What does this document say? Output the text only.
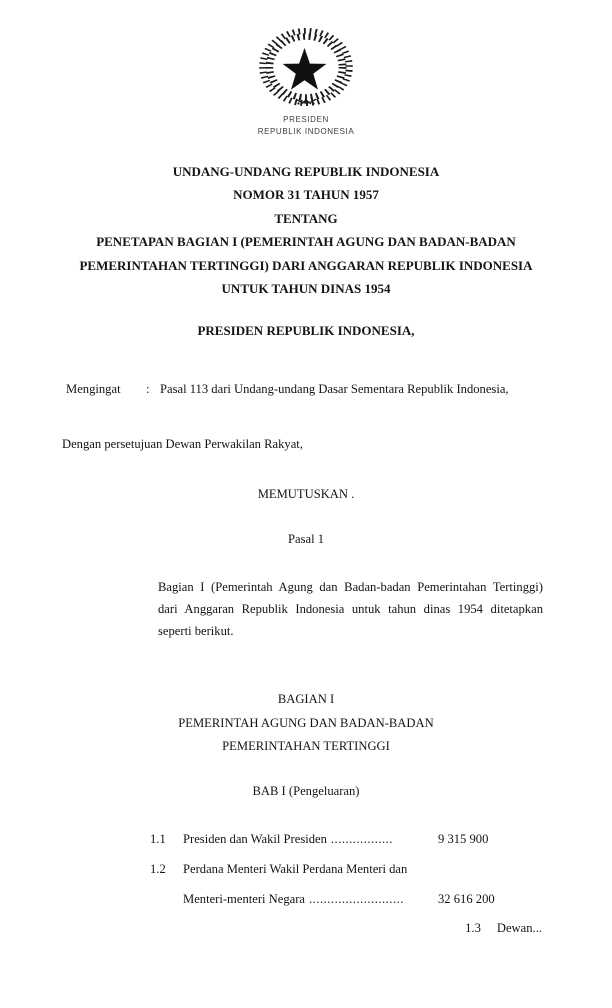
PRESIDEN
REPUBLIK INDONESIA
UNDANG-UNDANG REPUBLIK INDONESIA
NOMOR 31 TAHUN 1957
TENTANG
PENETAPAN BAGIAN I (PEMERINTAH AGUNG DAN BADAN-BADAN
PEMERINTAHAN TERTINGGI) DARI ANGGARAN REPUBLIK INDONESIA
UNTUK TAHUN DINAS 1954
PRESIDEN REPUBLIK INDONESIA,
Mengingat : Pasal 113 dari Undang-undang Dasar Sementara Republik Indonesia,
Dengan persetujuan Dewan Perwakilan Rakyat,
MEMUTUSKAN .
Pasal 1
Bagian I (Pemerintah Agung dan Badan-badan Pemerintahan Tertinggi)
dari Anggaran Republik Indonesia untuk tahun dinas 1954 ditetapkan
seperti berikut.
BAGIAN I
PEMERINTAH AGUNG DAN BADAN-BADAN
PEMERINTAHAN TERTINGGI
BAB I (Pengeluaran)
1.1	Presiden dan Wakil Presiden .................	9 315 900
1.2	Perdana Menteri Wakil Perdana Menteri dan
Menteri-menteri Negara ..........................	32 616 200
1.3 Dewan...
